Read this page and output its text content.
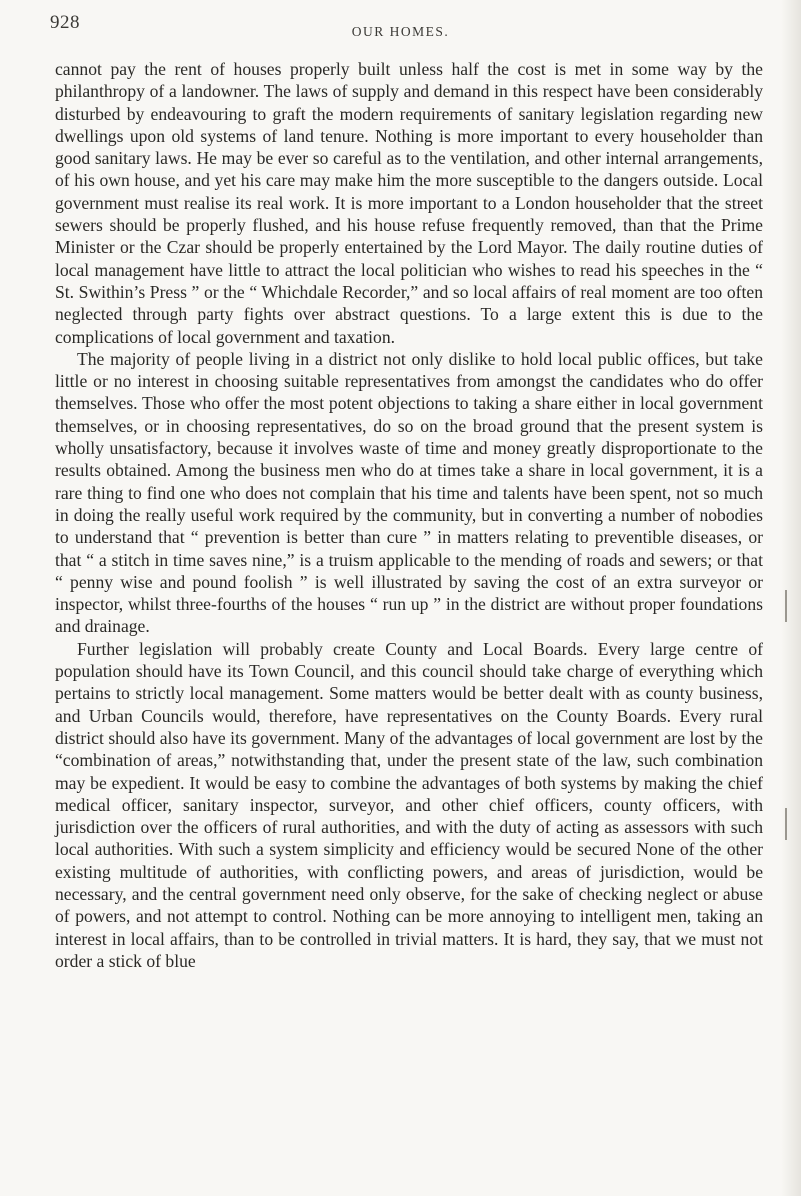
928	OUR HOMES.

cannot pay the rent of houses properly built unless half the cost is met in some way by the philanthropy of a landowner. The laws of supply and demand in this respect have been considerably disturbed by endeavouring to graft the modern requirements of sanitary legislation regarding new dwellings upon old systems of land tenure. Nothing is more important to every householder than good sanitary laws. He may be ever so careful as to the ventilation, and other internal arrangements, of his own house, and yet his care may make him the more susceptible to the dangers outside. Local government must realise its real work. It is more important to a London householder that the street sewers should be properly flushed, and his house refuse frequently removed, than that the Prime Minister or the Czar should be properly entertained by the Lord Mayor. The daily routine duties of local management have little to attract the local politician who wishes to read his speeches in the “ St. Swithin’s Press ” or the “ Whichdale Recorder,” and so local affairs of real moment are too often neglected through party fights over abstract questions. To a large extent this is due to the complications of local government and taxation.

The majority of people living in a district not only dislike to hold local public offices, but take little or no interest in choosing suitable representatives from amongst the candidates who do offer themselves. Those who offer the most potent objections to taking a share either in local government themselves, or in choosing representatives, do so on the broad ground that the present system is wholly unsatisfactory, because it involves waste of time and money greatly disproportionate to the results obtained. Among the business men who do at times take a share in local government, it is a rare thing to find one who does not complain that his time and talents have been spent, not so much in doing the really useful work required by the community, but in converting a number of nobodies to understand that “ prevention is better than cure ” in matters relating to preventible diseases, or that “ a stitch in time saves nine,” is a truism applicable to the mending of roads and sewers; or that “ penny wise and pound foolish ” is well illustrated by saving the cost of an extra surveyor or inspector, whilst three-fourths of the houses “ run up ” in the district are without proper foundations and drainage.

Further legislation will probably create County and Local Boards. Every large centre of population should have its Town Council, and this council should take charge of everything which pertains to strictly local management. Some matters would be better dealt with as county business, and Urban Councils would, therefore, have representatives on the County Boards. Every rural district should also have its government. Many of the advantages of local government are lost by the “combination of areas,” notwithstanding that, under the present state of the law, such combination may be expedient. It would be easy to combine the advantages of both systems by making the chief medical officer, sanitary inspector, surveyor, and other chief officers, county officers, with jurisdiction over the officers of rural authorities, and with the duty of acting as assessors with such local authorities. With such a system simplicity and efficiency would be secured None of the other existing multitude of authorities, with conflicting powers, and areas of jurisdiction, would be necessary, and the central government need only observe, for the sake of checking neglect or abuse of powers, and not attempt to control. Nothing can be more annoying to intelligent men, taking an interest in local affairs, than to be controlled in trivial matters. It is hard, they say, that we must not order a stick of blue
